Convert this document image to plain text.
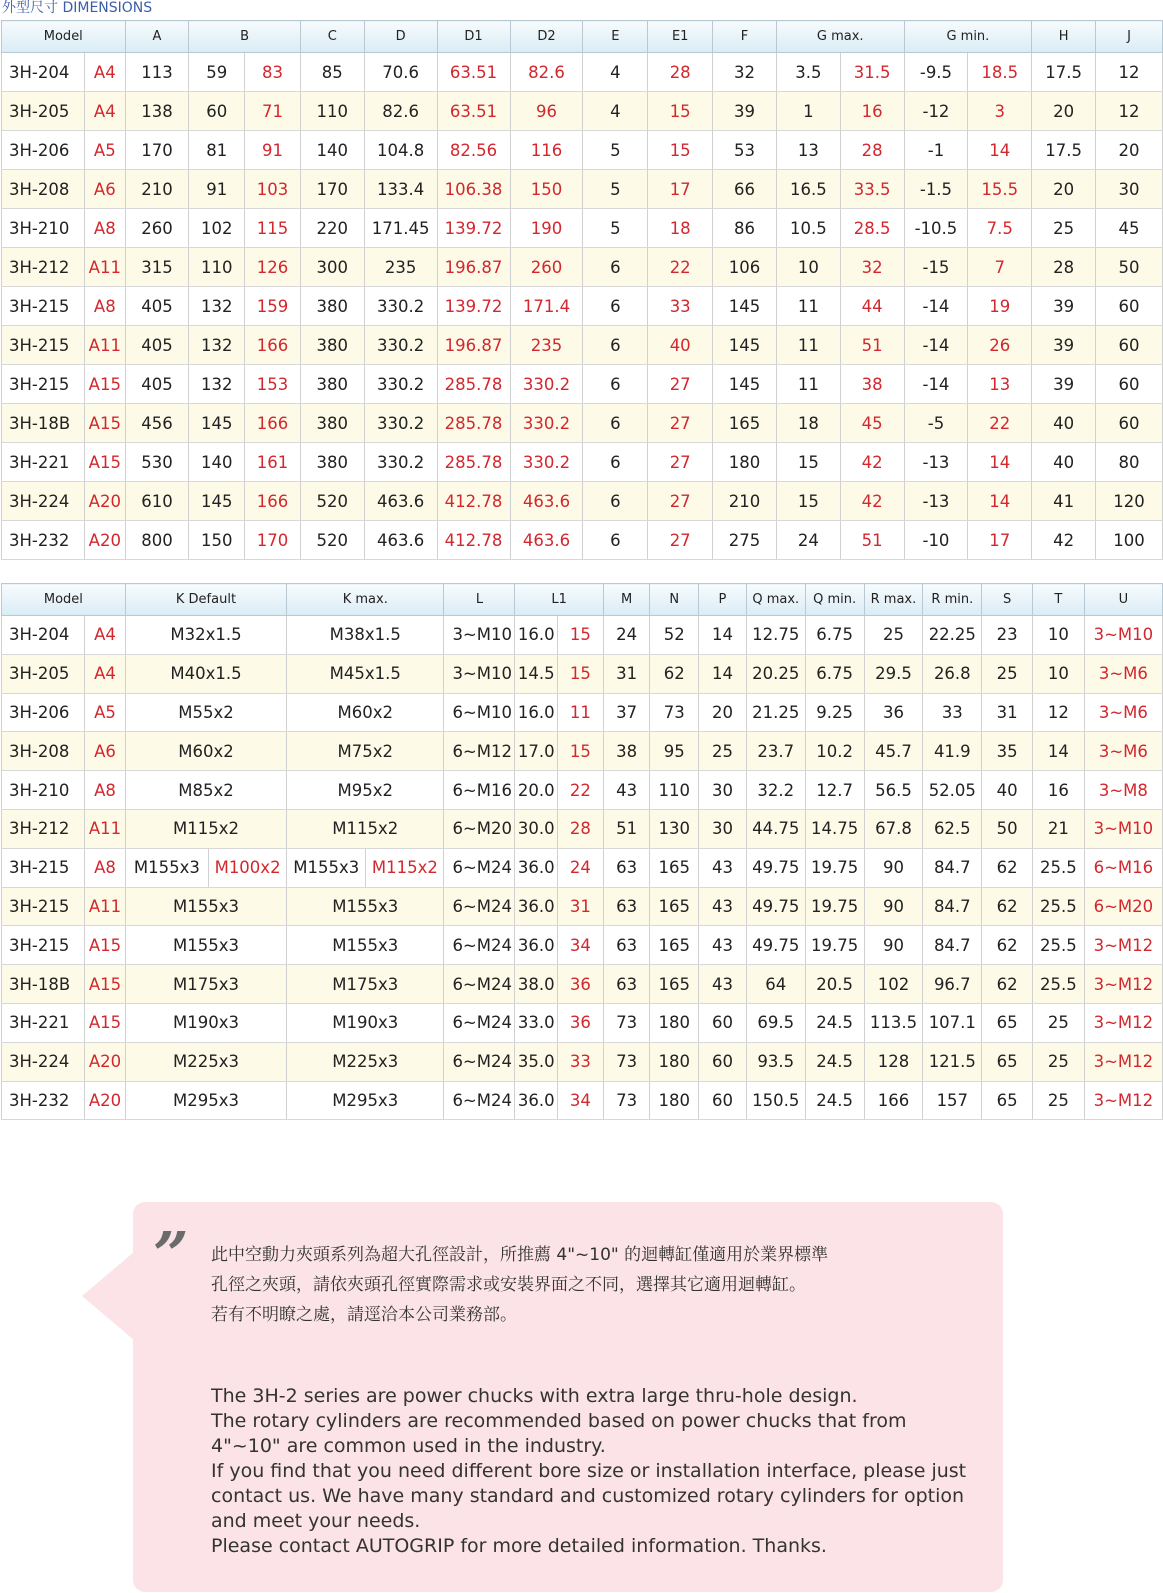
外型尺寸 DIMENSIONS
Model		A	B		C	D	D1	D2	E	E1	F	G max.		G min.		H	J
3H-204	A4	113	59	83	85	70.6	63.51	82.6	4	28	32	3.5	31.5	-9.5	18.5	17.5	12
3H-205	A4	138	60	71	110	82.6	63.51	96	4	15	39	1	16	-12	3	20	12
3H-206	A5	170	81	91	140	104.8	82.56	116	5	15	53	13	28	-1	14	17.5	20
3H-208	A6	210	91	103	170	133.4	106.38	150	5	17	66	16.5	33.5	-1.5	15.5	20	30
3H-210	A8	260	102	115	220	171.45	139.72	190	5	18	86	10.5	28.5	-10.5	7.5	25	45
3H-212	A11	315	110	126	300	235	196.87	260	6	22	106	10	32	-15	7	28	50
3H-215	A8	405	132	159	380	330.2	139.72	171.4	6	33	145	11	44	-14	19	39	60
3H-215	A11	405	132	166	380	330.2	196.87	235	6	40	145	11	51	-14	26	39	60
3H-215	A15	405	132	153	380	330.2	285.78	330.2	6	27	145	11	38	-14	13	39	60
3H-18B	A15	456	145	166	380	330.2	285.78	330.2	6	27	165	18	45	-5	22	40	60
3H-221	A15	530	140	161	380	330.2	285.78	330.2	6	27	180	15	42	-13	14	40	80
3H-224	A20	610	145	166	520	463.6	412.78	463.6	6	27	210	15	42	-13	14	41	120
3H-232	A20	800	150	170	520	463.6	412.78	463.6	6	27	275	24	51	-10	17	42	100
Model		K Default		K max.		L	L1		M	N	P	Q max.	Q min.	R max.	R min.	S	T	U
3H-204	A4	M32x1.5		M38x1.5		3~M10	16.0	15	24	52	14	12.75	6.75	25	22.25	23	10	3~M10
3H-205	A4	M40x1.5		M45x1.5		3~M10	14.5	15	31	62	14	20.25	6.75	29.5	26.8	25	10	3~M6
3H-206	A5	M55x2		M60x2		6~M10	16.0	11	37	73	20	21.25	9.25	36	33	31	12	3~M6
3H-208	A6	M60x2		M75x2		6~M12	17.0	15	38	95	25	23.7	10.2	45.7	41.9	35	14	3~M6
3H-210	A8	M85x2		M95x2		6~M16	20.0	22	43	110	30	32.2	12.7	56.5	52.05	40	16	3~M8
3H-212	A11	M115x2		M115x2		6~M20	30.0	28	51	130	30	44.75	14.75	67.8	62.5	50	21	3~M10
3H-215	A8	M155x3	M100x2	M155x3	M115x2	6~M24	36.0	24	63	165	43	49.75	19.75	90	84.7	62	25.5	6~M16
3H-215	A11	M155x3		M155x3		6~M24	36.0	31	63	165	43	49.75	19.75	90	84.7	62	25.5	6~M20
3H-215	A15	M155x3		M155x3		6~M24	36.0	34	63	165	43	49.75	19.75	90	84.7	62	25.5	3~M12
3H-18B	A15	M175x3		M175x3		6~M24	38.0	36	63	165	43	64	20.5	102	96.7	62	25.5	3~M12
3H-221	A15	M190x3		M190x3		6~M24	33.0	36	73	180	60	69.5	24.5	113.5	107.1	65	25	3~M12
3H-224	A20	M225x3		M225x3		6~M24	35.0	33	73	180	60	93.5	24.5	128	121.5	65	25	3~M12
3H-232	A20	M295x3		M295x3		6~M24	36.0	34	73	180	60	150.5	24.5	166	157	65	25	3~M12
” 此中空動力夾頭系列為超大孔徑設計，所推薦 4"~10" 的迴轉缸僅適用於業界標準
孔徑之夾頭，請依夾頭孔徑實際需求或安裝界面之不同，選擇其它適用迴轉缸。
若有不明瞭之處，請逕洽本公司業務部。
The 3H-2 series are power chucks with extra large thru-hole design.
The rotary cylinders are recommended based on power chucks that from
4"~10" are common used in the industry.
If you find that you need different bore size or installation interface, please just
contact us. We have many standard and customized rotary cylinders for option
and meet your needs.
Please contact AUTOGRIP for more detailed information. Thanks.
